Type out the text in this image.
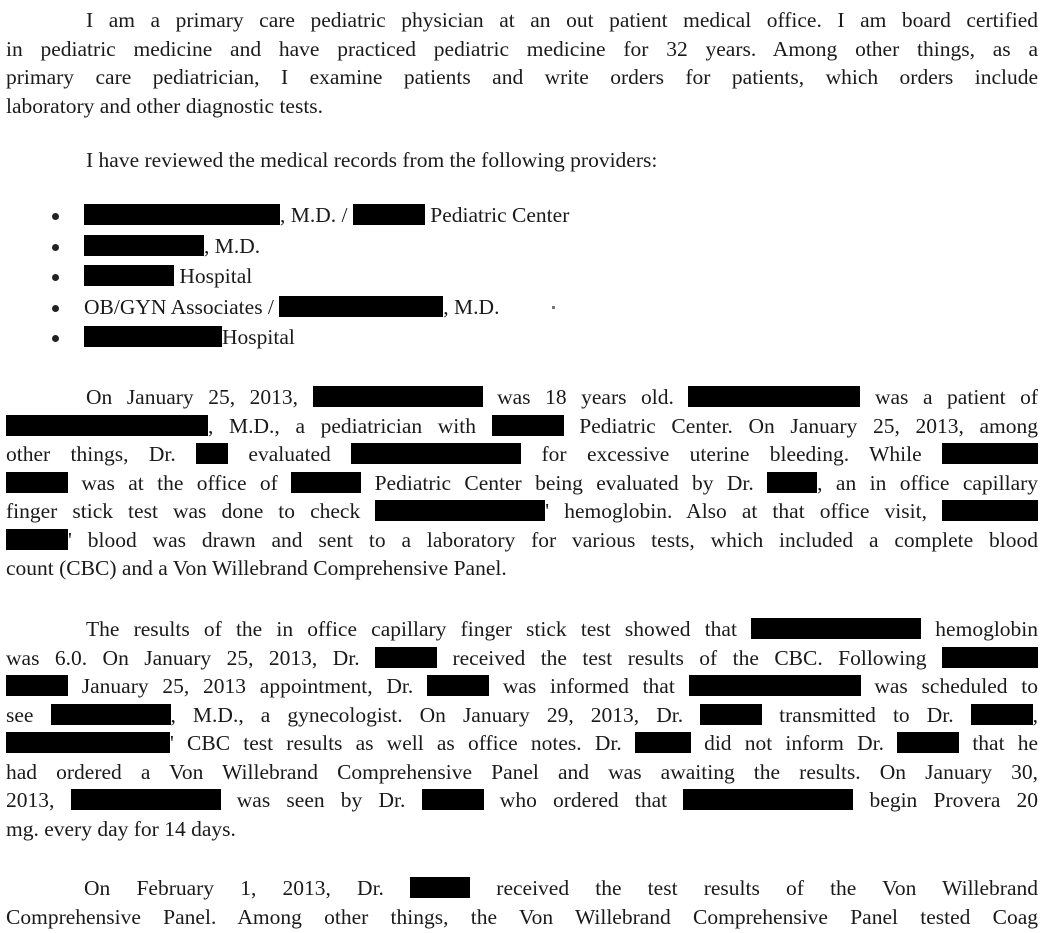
I am a primary care pediatric physician at an out patient medical office. I am board certified
in pediatric medicine and have practiced pediatric medicine for 32 years. Among other things, as a
primary care pediatrician, I examine patients and write orders for patients, which orders include
laboratory and other diagnostic tests.
I have reviewed the medical records from the following providers:
, M.D. /	Pediatric Center
, M.D.
Hospital
OB/GYN Associates /	, M.D.
Hospital
On January 25, 2013,	was 18 years old.	was a patient of
, M.D., a pediatrician with	Pediatric Center. On January 25, 2013, among
other things, Dr.	evaluated	for excessive uterine bleeding. While
was at the office of	Pediatric Center being evaluated by Dr.	, an in office capillary
finger stick test was done to check	' hemoglobin. Also at that office visit,
' blood was drawn and sent to a laboratory for various tests, which included a complete blood
count (CBC) and a Von Willebrand Comprehensive Panel.
The results of the in office capillary finger stick test showed that	hemoglobin
was 6.0. On January 25, 2013, Dr.	received the test results of the CBC. Following
January 25, 2013 appointment, Dr.	was informed that	was scheduled to
see	, M.D., a gynecologist. On January 29, 2013, Dr.	transmitted to Dr.	,
' CBC test results as well as office notes. Dr.	did not inform Dr.	that he
had ordered a Von Willebrand Comprehensive Panel and was awaiting the results. On January 30,
2013,	was seen by Dr.	who ordered that	begin Provera 20
mg. every day for 14 days.
On February 1, 2013, Dr.	received the test results of the Von Willebrand
Comprehensive Panel. Among other things, the Von Willebrand Comprehensive Panel tested Coag
